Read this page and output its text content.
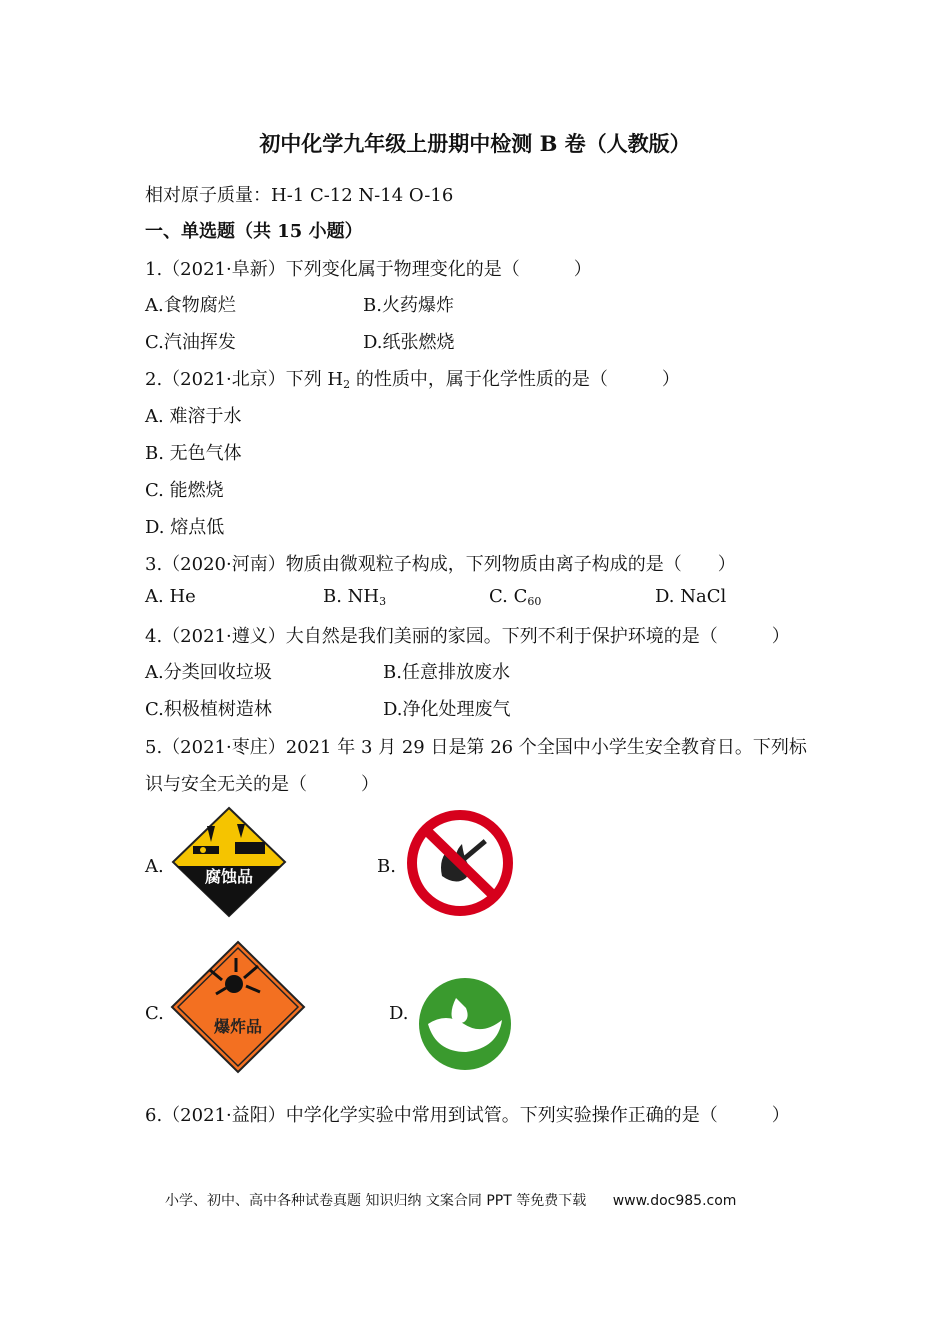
初中化学九年级上册期中检测 B 卷（人教版）
相对原子质量：H-1 C-12 N-14 O-16
一、单选题（共 15 小题）
1.（2021·阜新）下列变化属于物理变化的是（　　　）
A.食物腐烂	B.火药爆炸
C.汽油挥发	D.纸张燃烧
2.（2021·北京）下列 $H_2$ 的性质中，属于化学性质的是（　　　）
A. 难溶于水
B. 无色气体
C. 能燃烧
D. 熔点低
3.（2020·河南）物质由微观粒子构成，下列物质由离子构成的是（　　）
A. He	B. $NH_3$	C. $C_{60}$	D. NaCl
4.（2021·遵义）大自然是我们美丽的家园。下列不利于保护环境的是（　　　）
A.分类回收垃圾	B.任意排放废水
C.积极植树造林	D.净化处理废气
5.（2021·枣庄）2021 年 3 月 29 日是第 26 个全国中小学生安全教育日。下列标
识与安全无关的是（　　　）
A.	B.
C.	D.
腐蚀品
爆炸品
6.（2021·益阳）中学化学实验中常用到试管。下列实验操作正确的是（　　　）
小学、初中、高中各种试卷真题 知识归纳 文案合同 PPT 等免费下载 www.doc985.com
